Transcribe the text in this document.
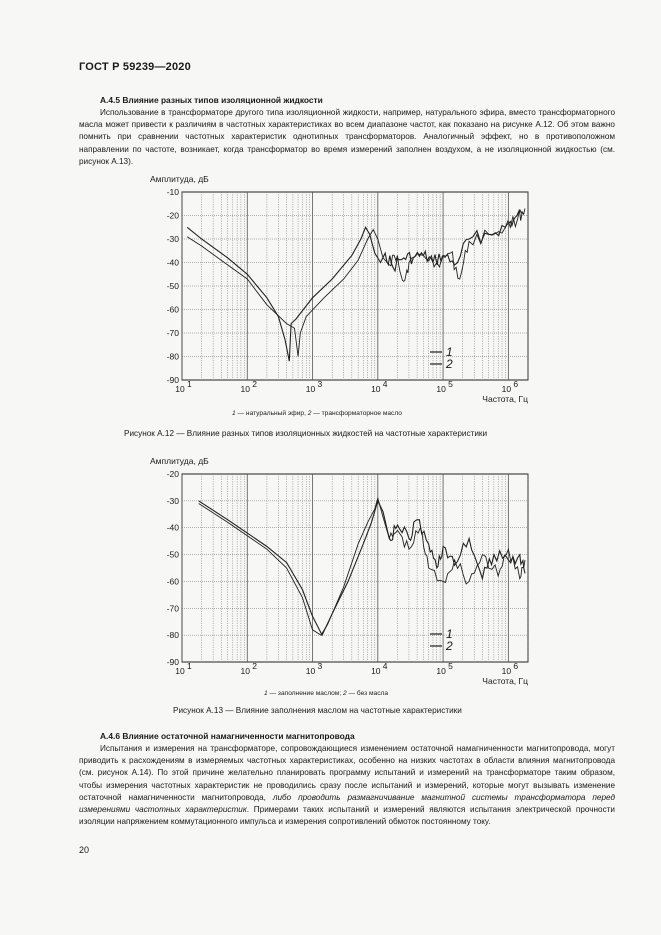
ГОСТ Р 59239—2020
А.4.5 Влияние разных типов изоляционной жидкости

Использование в трансформаторе другого типа изоляционной жидкости, например, натурального эфира, вместо трансформаторного масла может привести к различиям в частотных характеристиках во всем диапазоне частот, как показано на рисунке А.12. Об этом важно помнить при сравнении частотных характеристик однотипных трансформаторов. Аналогичный эффект, но в противоположном направлении по частоте, возникает, когда трансформатор во время измерений заполнен воздухом, а не изоляционной жидкостью (см. рисунок А.13).

-10
-20
-30
-40
-50
-60
-70
-80
-90
10 1	10 2	10 3	10 4	10 5	10 6
Амплитуда, дБ
Частота, Гц
1
2
1 — натуральный эфир, 2 — трансформаторное масло
Рисунок А.12 — Влияние разных типов изоляционных жидкостей на частотные характеристики
-20
-30
-40
-50
-60
-70
-80
-90
10 1	10 2	10 3	10 4	10 5	10 6
Амплитуда, дБ
Частота, Гц
1
2
1 — заполнение маслом; 2 — без масла
Рисунок А.13 — Влияние заполнения маслом на частотные характеристики
А.4.6 Влияние остаточной намагниченности магнитопровода

Испытания и измерения на трансформаторе, сопровождающиеся изменением остаточной намагниченности магнитопровода, могут приводить к расхождениям в измеряемых частотных характеристиках, особенно на низких частотах в области влияния магнитопровода (см. рисунок А.14). По этой причине желательно планировать программу испытаний и измерений на трансформаторе таким образом, чтобы измерения частотных характеристик не проводились сразу после испытаний и измерений, которые могут вызывать изменение остаточной намагниченности магнитопровода, либо проводить размагничивание магнитной системы трансформатора перед измерениями частотных характеристик. Примерами таких испытаний и измерений являются испытания электрической прочности изоляции напряжением коммутационного импульса и измерения сопротивлений обмоток постоянному току.

20
